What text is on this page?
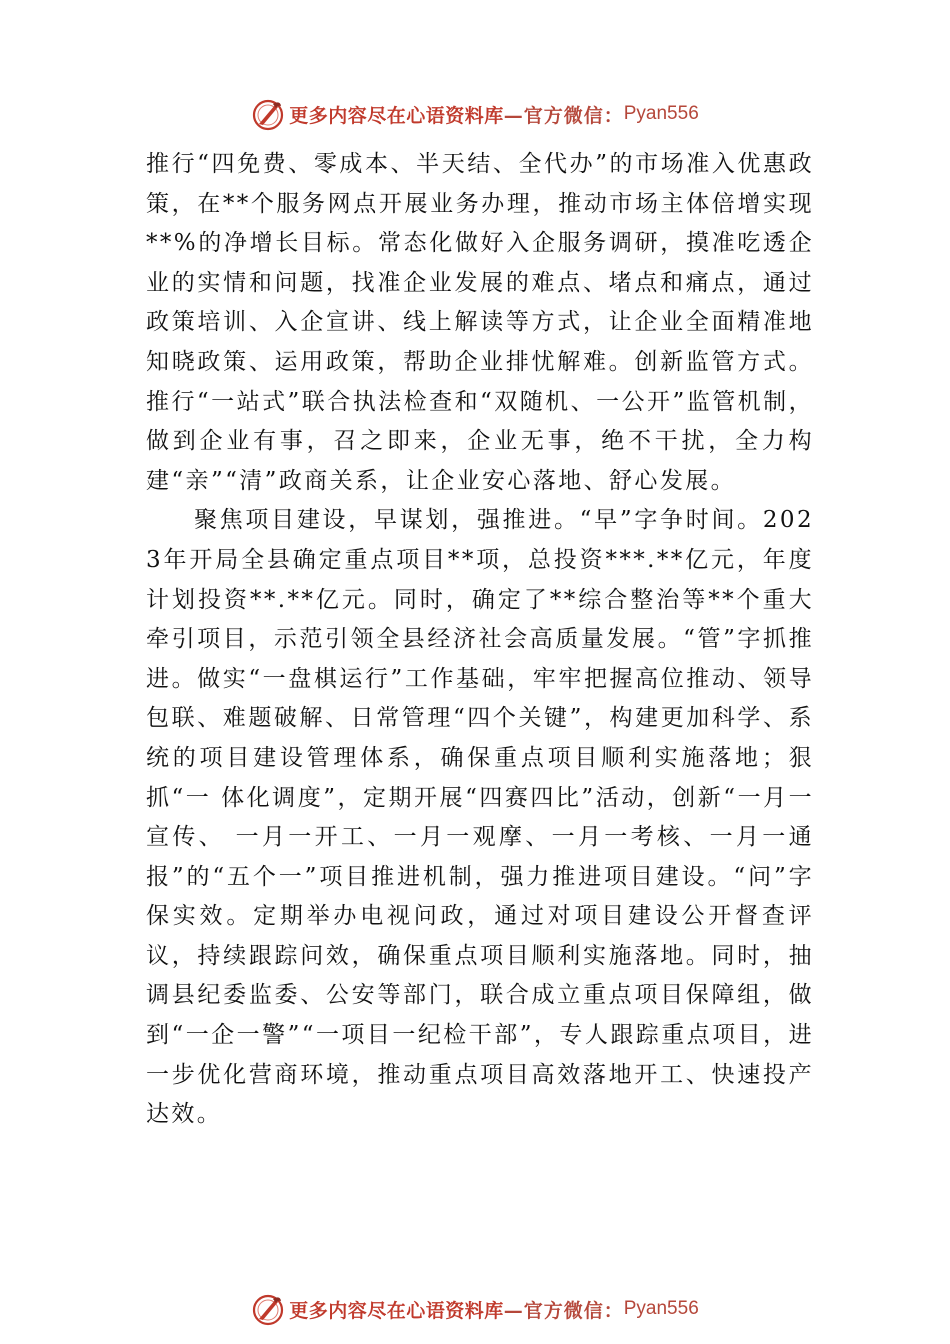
更多内容尽在心语资料库 —官方微信： Pyan556

推行“四免费、零成本、半天结、全代办”的市场准入优惠政策，在**个服务网点开展业务办理，推动市场主体倍增实现**%的净增长目标。常态化做好入企服务调研，摸准吃透企业的实情和问题，找准企业发展的难点、堵点和痛点，通过政策培训、入企宣讲、线上解读等方式，让企业全面精准地知晓政策、运用政策，帮助企业排忧解难。创新监管方式。推行“一站式”联合执法检查和“双随机、一公开”监管机制，做到企业有事，召之即来，企业无事，绝不干扰，全力构建“亲”“清”政商关系，让企业安心落地、舒心发展。

聚焦项目建设，早谋划，强推进。“早”字争时间。2023年开局全县确定重点项目**项，总投资***.**亿元，年度计划投资**.**亿元。同时，确定了**综合整治等**个重大牵引项目，示范引领全县经济社会高质量发展。“管”字抓推进。做实“一盘棋运行”工作基础，牢牢把握高位推动、领导包联、难题破解、日常管理“四个关键”，构建更加科学、系统的项目建设管理体系，确保重点项目顺利实施落地；狠抓“一 体化调度”，定期开展“四赛四比”活动，创新“一月一宣传、 一月一开工、一月一观摩、一月一考核、一月一通报”的“五个一”项目推进机制，强力推进项目建设。“问”字保实效。定期举办电视问政，通过对项目建设公开督查评议，持续跟踪问效，确保重点项目顺利实施落地。同时，抽调县纪委监委、公安等部门，联合成立重点项目保障组，做到“一企一警”“一项目一纪检干部”，专人跟踪重点项目，进一步优化营商环境，推动重点项目高效落地开工、快速投产达效。

更多内容尽在心语资料库 —官方微信： Pyan556
